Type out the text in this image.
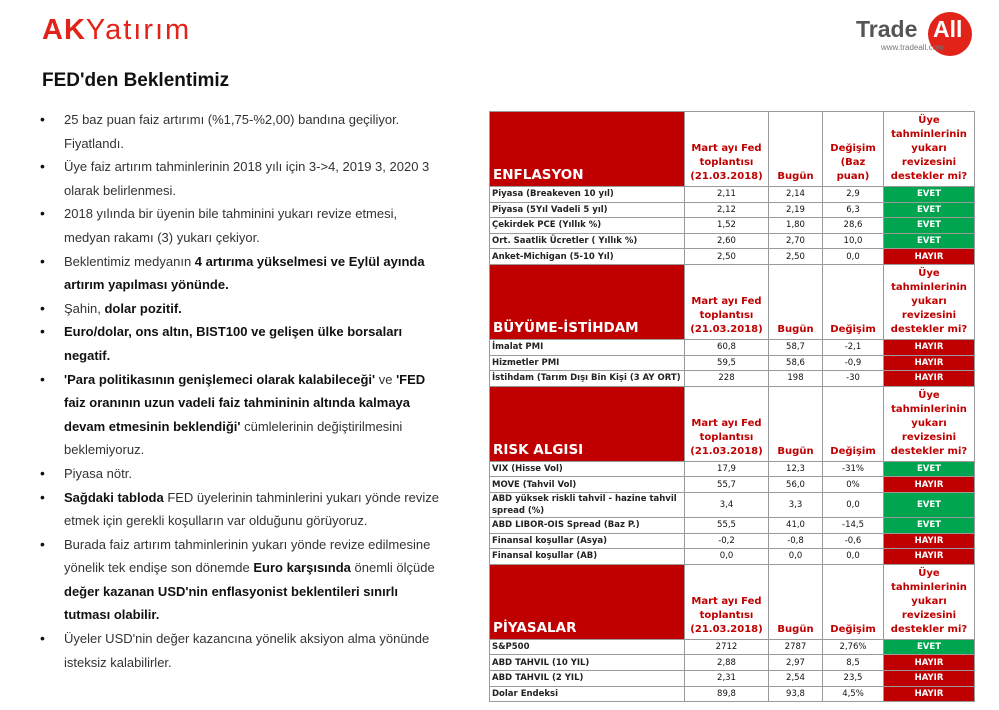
AKYatırım	Trade All
www.tradeall.com
FED'den Beklentimiz
• 25 baz puan faiz artırımı (%1,75-%2,00) bandına geçiliyor. Fiyatlandı.
• Üye faiz artırım tahminlerinin 2018 yılı için 3->4, 2019 3, 2020 3 olarak belirlenmesi.
• 2018 yılında bir üyenin bile tahminini yukarı revize etmesi, medyan rakamı (3) yukarı çekiyor.
• Beklentimiz medyanın 4 artırıma yükselmesi ve Eylül ayında artırım yapılması yönünde.
• Şahin, dolar pozitif.
• Euro/dolar, ons altın, BIST100 ve gelişen ülke borsaları negatif.
• 'Para politikasının genişlemeci olarak kalabileceği' ve 'FED faiz oranının uzun vadeli faiz tahmininin altında kalmaya devam etmesinin beklendiği' cümlelerinin değiştirilmesini beklemiyoruz.
• Piyasa nötr.
• Sağdaki tabloda FED üyelerinin tahminlerini yukarı yönde revize etmek için gerekli koşulların var olduğunu görüyoruz.
• Burada faiz artırım tahminlerinin yukarı yönde revize edilmesine yönelik tek endişe son dönemde Euro karşısında önemli ölçüde değer kazanan USD'nin enflasyonist beklentileri sınırlı tutması olabilir.
• Üyeler USD'nin değer kazancına yönelik aksiyon alma yönünde isteksiz kalabilirler.
ENFLASYON	Mart ayı Fed toplantısı (21.03.2018)	Bugün	Değişim (Baz puan)	Üye tahminlerinin yukarı revizesini destekler mi?
Piyasa (Breakeven 10 yıl)	2,11	2,14	2,9	EVET
Piyasa (5Yıl Vadeli 5 yıl)	2,12	2,19	6,3	EVET
Çekirdek PCE (Yıllık %)	1,52	1,80	28,6	EVET
Ort. Saatlik Ücretler ( Yıllık %)	2,60	2,70	10,0	EVET
Anket-Michigan (5-10 Yıl)	2,50	2,50	0,0	HAYIR
BÜYÜME-İSTİHDAM	Mart ayı Fed toplantısı (21.03.2018)	Bugün	Değişim	Üye tahminlerinin yukarı revizesini destekler mi?
İmalat PMI	60,8	58,7	-2,1	HAYIR
Hizmetler PMI	59,5	58,6	-0,9	HAYIR
İstihdam (Tarım Dışı Bin Kişi (3 AY ORT)	228	198	-30	HAYIR
RISK ALGISI	Mart ayı Fed toplantısı (21.03.2018)	Bugün	Değişim	Üye tahminlerinin yukarı revizesini destekler mi?
VIX (Hisse Vol)	17,9	12,3	-31%	EVET
MOVE (Tahvil Vol)	55,7	56,0	0%	HAYIR
ABD yüksek riskli tahvil - hazine tahvil spread (%)	3,4	3,3	0,0	EVET
ABD LIBOR-OIS Spread (Baz P.)	55,5	41,0	-14,5	EVET
Finansal koşullar (Asya)	-0,2	-0,8	-0,6	HAYIR
Finansal koşullar (AB)	0,0	0,0	0,0	HAYIR
PİYASALAR	Mart ayı Fed toplantısı (21.03.2018)	Bugün	Değişim	Üye tahminlerinin yukarı revizesini destekler mi?
S&P500	2712	2787	2,76%	EVET
ABD TAHVIL (10 YIL)	2,88	2,97	8,5	HAYIR
ABD TAHVIL (2 YIL)	2,31	2,54	23,5	HAYIR
Dolar Endeksi	89,8	93,8	4,5%	HAYIR
